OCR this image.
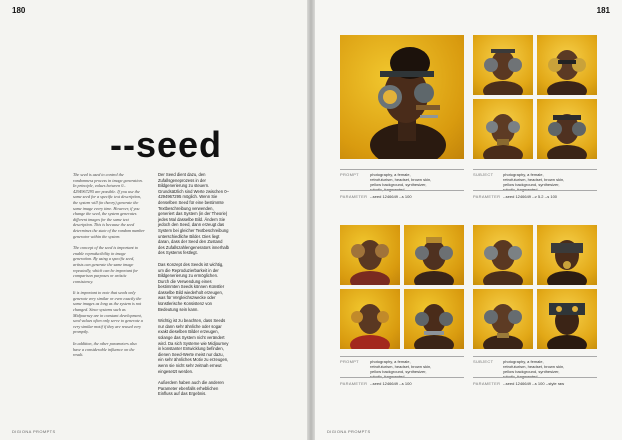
180
--seed

The seed is used to control the randomness process in image generation. In principle, values between 0–4294967295 are possible. If you use the same seed for a specific text description, the system will (in theory) generate the same image every time. However, if you change the seed, the system generates different images for the same text description. This is because the seed determines the state of the random number generator within the system.

The concept of the seed is important to enable reproducibility in image generation. By using a specific seed, artists can generate the same image repeatedly, which can be important for comparison purposes or artistic consistency.

It is important to note that seeds only generate very similar or even exactly the same images as long as the system is not changed. Since systems such as Midjourney are in constant development, seed values often only serve to generate a very similar motif if they are reused very promptly.

In addition, the other parameters also have a considerable influence on the result.

Der Seed dient dazu, den Zufallsgeneprozess in der Bildgenerierung zu steuern. Grundsätzlich sind Werte zwischen 0–4294967295 möglich. Wenn Sie denselben Seed für eine bestimmte Textbeschreibung verwenden, generiert das System (in der Theorie) jedes Mal dasselbe Bild. Ändern Sie jedoch den Seed, dann erzeugt das System bei gleicher Textbeschreibung unterschiedliche Bilder. Dies liegt daran, dass der Seed den Zustand des Zufallszahlengenerators innerhalb des Systems festlegt.

Das Konzept des Seeds ist wichtig, um die Reproduzierbarkeit in der Bildgenerierung zu ermöglichen. Durch die Verwendung eines bestimmten Seeds können Künstler dasselbe Bild wiederholt erzeugen, was für Vergleichszwecke oder künstlerische Konsistenz von Bedeutung sein kann.

Wichtig ist zu beachten, dass Seeds nur dann sehr ähnliche oder sogar exakt dieselben Bilder erzeugen, solange das System nicht verändert wird. Da sich Systeme wie Midjourney in konstanter Entwicklung befinden, dienen Seed-Werte meist nur dazu, ein sehr ähnliches Motiv zu erzeugen, wenn sie nicht sehr zeitnah erneut eingesetzt werden.

Außerdem haben auch die anderen Parameter ebenfalls erheblichen Einfluss auf das Ergebnis.

DIGIONA PROMPTS
181
PROMPT	photography, a female, retrofuturism, headset, brown skin, yellow background, synthesizer, robotic, fragmented
PARAMETER --seed 1246649 --s 100
SUBJECT photography, a female, retrofuturism, headset, brown skin, yellow background, synthesizer, robotic, fragmented
PARAMETER --seed 1246649 --v 5.2 --s 100
PROMPT	photography, a female, retrofuturism, headset, brown skin, yellow background, synthesizer, robotic, fragmented
PARAMETER --seed 1246649 --s 100
SUBJECT photography, a female, retrofuturism, headset, brown skin, yellow background, synthesizer, robotic, fragmented
PARAMETER --seed 1246649 --s 100 --style raw
DIGIONA PROMPTS
